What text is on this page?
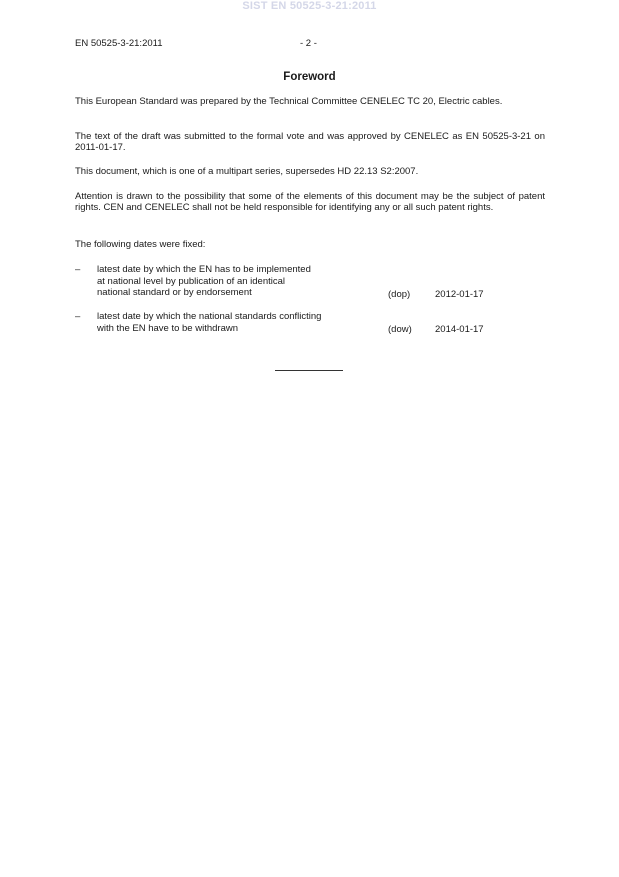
SIST EN 50525-3-21:2011
EN 50525-3-21:2011	- 2 -
Foreword
This European Standard was prepared by the Technical Committee CENELEC TC 20, Electric cables.
The text of the draft was submitted to the formal vote and was approved by CENELEC as EN 50525-3-21 on 2011-01-17.
This document, which is one of a multipart series, supersedes HD 22.13 S2:2007.
Attention is drawn to the possibility that some of the elements of this document may be the subject of patent rights. CEN and CENELEC shall not be held responsible for identifying any or all such patent rights.
The following dates were fixed:
– latest date by which the EN has to be implemented
at national level by publication of an identical
national standard or by endorsement	(dop)	2012-01-17
– latest date by which the national standards conflicting
with the EN have to be withdrawn	(dow) 2014-01-17
